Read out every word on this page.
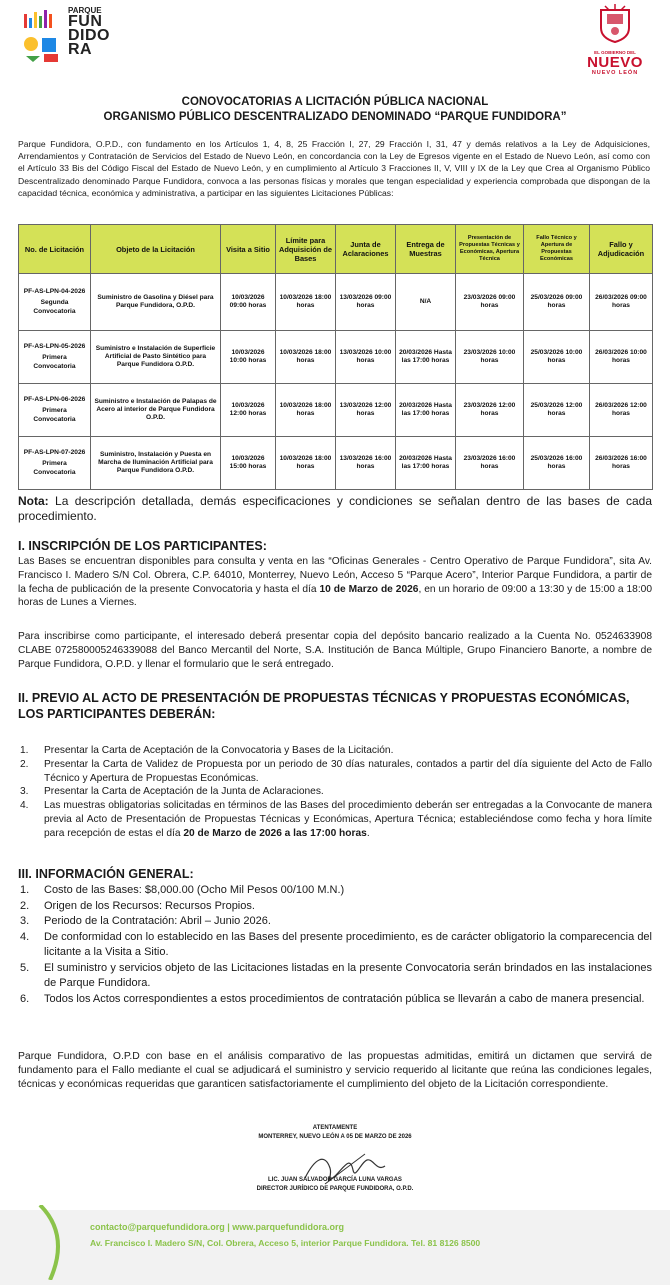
PARQUE
FUN
DIDO
RA	EL GOBIERNO DEL
NUEVO
NUEVO LEÓN
CONOVOCATORIAS A LICITACIÓN PÚBLICA NACIONAL
ORGANISMO PÚBLICO DESCENTRALIZADO DENOMINADO “PARQUE FUNDIDORA”
Parque Fundidora, O.P.D., con fundamento en los Artículos 1, 4, 8, 25 Fracción I, 27, 29 Fracción I, 31, 47 y demás relativos a la Ley de Adquisiciones, Arrendamientos y Contratación de Servicios del Estado de Nuevo León, en concordancia con la Ley de Egresos vigente en el Estado de Nuevo León, así como con el Artículo 33 Bis del Código Fiscal del Estado de Nuevo León, y en cumplimiento al Artículo 3 Fracciones II, V, VIII y IX de la Ley que Crea al Organismo Público Descentralizado denominado Parque Fundidora, convoca a las personas físicas y morales que tengan especialidad y experiencia comprobada que dispongan de la capacidad técnica, económica y administrativa, a participar en las siguientes Licitaciones Públicas:
No. de Licitación	Objeto de la Licitación	Visita a Sitio	Límite para Adquisición de Bases	Junta de Aclaraciones	Entrega de Muestras	Presentación de Propuestas Técnicas y Económicas, Apertura Técnica	Fallo Técnico y Apertura de Propuestas Económicas	Fallo y Adjudicación
PF-AS-LPN-04-2026
Segunda Convocatoria	Suministro de Gasolina y Diésel para Parque Fundidora, O.P.D.	10/03/2026 09:00 horas	10/03/2026 18:00 horas	13/03/2026 09:00 horas	N/A	23/03/2026 09:00 horas	25/03/2026 09:00 horas	26/03/2026 09:00 horas
PF-AS-LPN-05-2026
Primera Convocatoria	Suministro e Instalación de Superficie Artificial de Pasto Sintético para Parque Fundidora O.P.D.	10/03/2026 10:00 horas	10/03/2026 18:00 horas	13/03/2026 10:00 horas	20/03/2026 Hasta las 17:00 horas	23/03/2026 10:00 horas	25/03/2026 10:00 horas	26/03/2026 10:00 horas
PF-AS-LPN-06-2026
Primera Convocatoria	Suministro e Instalación de Palapas de Acero al interior de Parque Fundidora O.P.D.	10/03/2026 12:00 horas	10/03/2026 18:00 horas	13/03/2026 12:00 horas	20/03/2026 Hasta las 17:00 horas	23/03/2026 12:00 horas	25/03/2026 12:00 horas	26/03/2026 12:00 horas
PF-AS-LPN-07-2026
Primera Convocatoria	Suministro, Instalación y Puesta en Marcha de Iluminación Artificial para Parque Fundidora O.P.D.	10/03/2026 15:00 horas	10/03/2026 18:00 horas	13/03/2026 16:00 horas	20/03/2026 Hasta las 17:00 horas	23/03/2026 16:00 horas	25/03/2026 16:00 horas	26/03/2026 16:00 horas
Nota: La descripción detallada, demás especificaciones y condiciones se señalan dentro de las bases de cada procedimiento.
I. INSCRIPCIÓN DE LOS PARTICIPANTES:
Las Bases se encuentran disponibles para consulta y venta en las “Oficinas Generales - Centro Operativo de Parque Fundidora”, sita Av. Francisco I. Madero S/N Col. Obrera, C.P. 64010, Monterrey, Nuevo León, Acceso 5 “Parque Acero”, Interior Parque Fundidora, a partir de la fecha de publicación de la presente Convocatoria y hasta el día 10 de Marzo de 2026, en un horario de 09:00 a 13:30 y de 15:00 a 18:00 horas de Lunes a Viernes.
Para inscribirse como participante, el interesado deberá presentar copia del depósito bancario realizado a la Cuenta No. 0524633908 CLABE 072580005246339088 del Banco Mercantil del Norte, S.A. Institución de Banca Múltiple, Grupo Financiero Banorte, a nombre de Parque Fundidora, O.P.D. y llenar el formulario que le será entregado.
II. PREVIO AL ACTO DE PRESENTACIÓN DE PROPUESTAS TÉCNICAS Y PROPUESTAS ECONÓMICAS, LOS PARTICIPANTES DEBERÁN:
1. Presentar la Carta de Aceptación de la Convocatoria y Bases de la Licitación.
2. Presentar la Carta de Validez de Propuesta por un periodo de 30 días naturales, contados a partir del día siguiente del Acto de Fallo Técnico y Apertura de Propuestas Económicas.
3. Presentar la Carta de Aceptación de la Junta de Aclaraciones.
4. Las muestras obligatorias solicitadas en términos de las Bases del procedimiento deberán ser entregadas a la Convocante de manera previa al Acto de Presentación de Propuestas Técnicas y Económicas, Apertura Técnica; estableciéndose como fecha y hora límite para recepción de estas el día 20 de Marzo de 2026 a las 17:00 horas.
III. INFORMACIÓN GENERAL:
1. Costo de las Bases: $8,000.00 (Ocho Mil Pesos 00/100 M.N.)
2. Origen de los Recursos: Recursos Propios.
3. Periodo de la Contratación: Abril – Junio 2026.
4. De conformidad con lo establecido en las Bases del presente procedimiento, es de carácter obligatorio la comparecencia del licitante a la Visita a Sitio.
5. El suministro y servicios objeto de las Licitaciones listadas en la presente Convocatoria serán brindados en las instalaciones de Parque Fundidora.
6. Todos los Actos correspondientes a estos procedimientos de contratación pública se llevarán a cabo de manera presencial.
Parque Fundidora, O.P.D con base en el análisis comparativo de las propuestas admitidas, emitirá un dictamen que servirá de fundamento para el Fallo mediante el cual se adjudicará el suministro y servicio requerido al licitante que reúna las condiciones legales, técnicas y económicas requeridas que garanticen satisfactoriamente el cumplimiento del objeto de la Licitación correspondiente.
ATENTAMENTE
MONTERREY, NUEVO LEÓN A 05 DE MARZO DE 2026
LIC. JUAN SALVADOR GARCÍA LUNA VARGAS
DIRECTOR JURÍDICO DE PARQUE FUNDIDORA, O.P.D.
contacto@parquefundidora.org | www.parquefundidora.org
Av. Francisco I. Madero S/N, Col. Obrera, Acceso 5, interior Parque Fundidora. Tel. 81 8126 8500
